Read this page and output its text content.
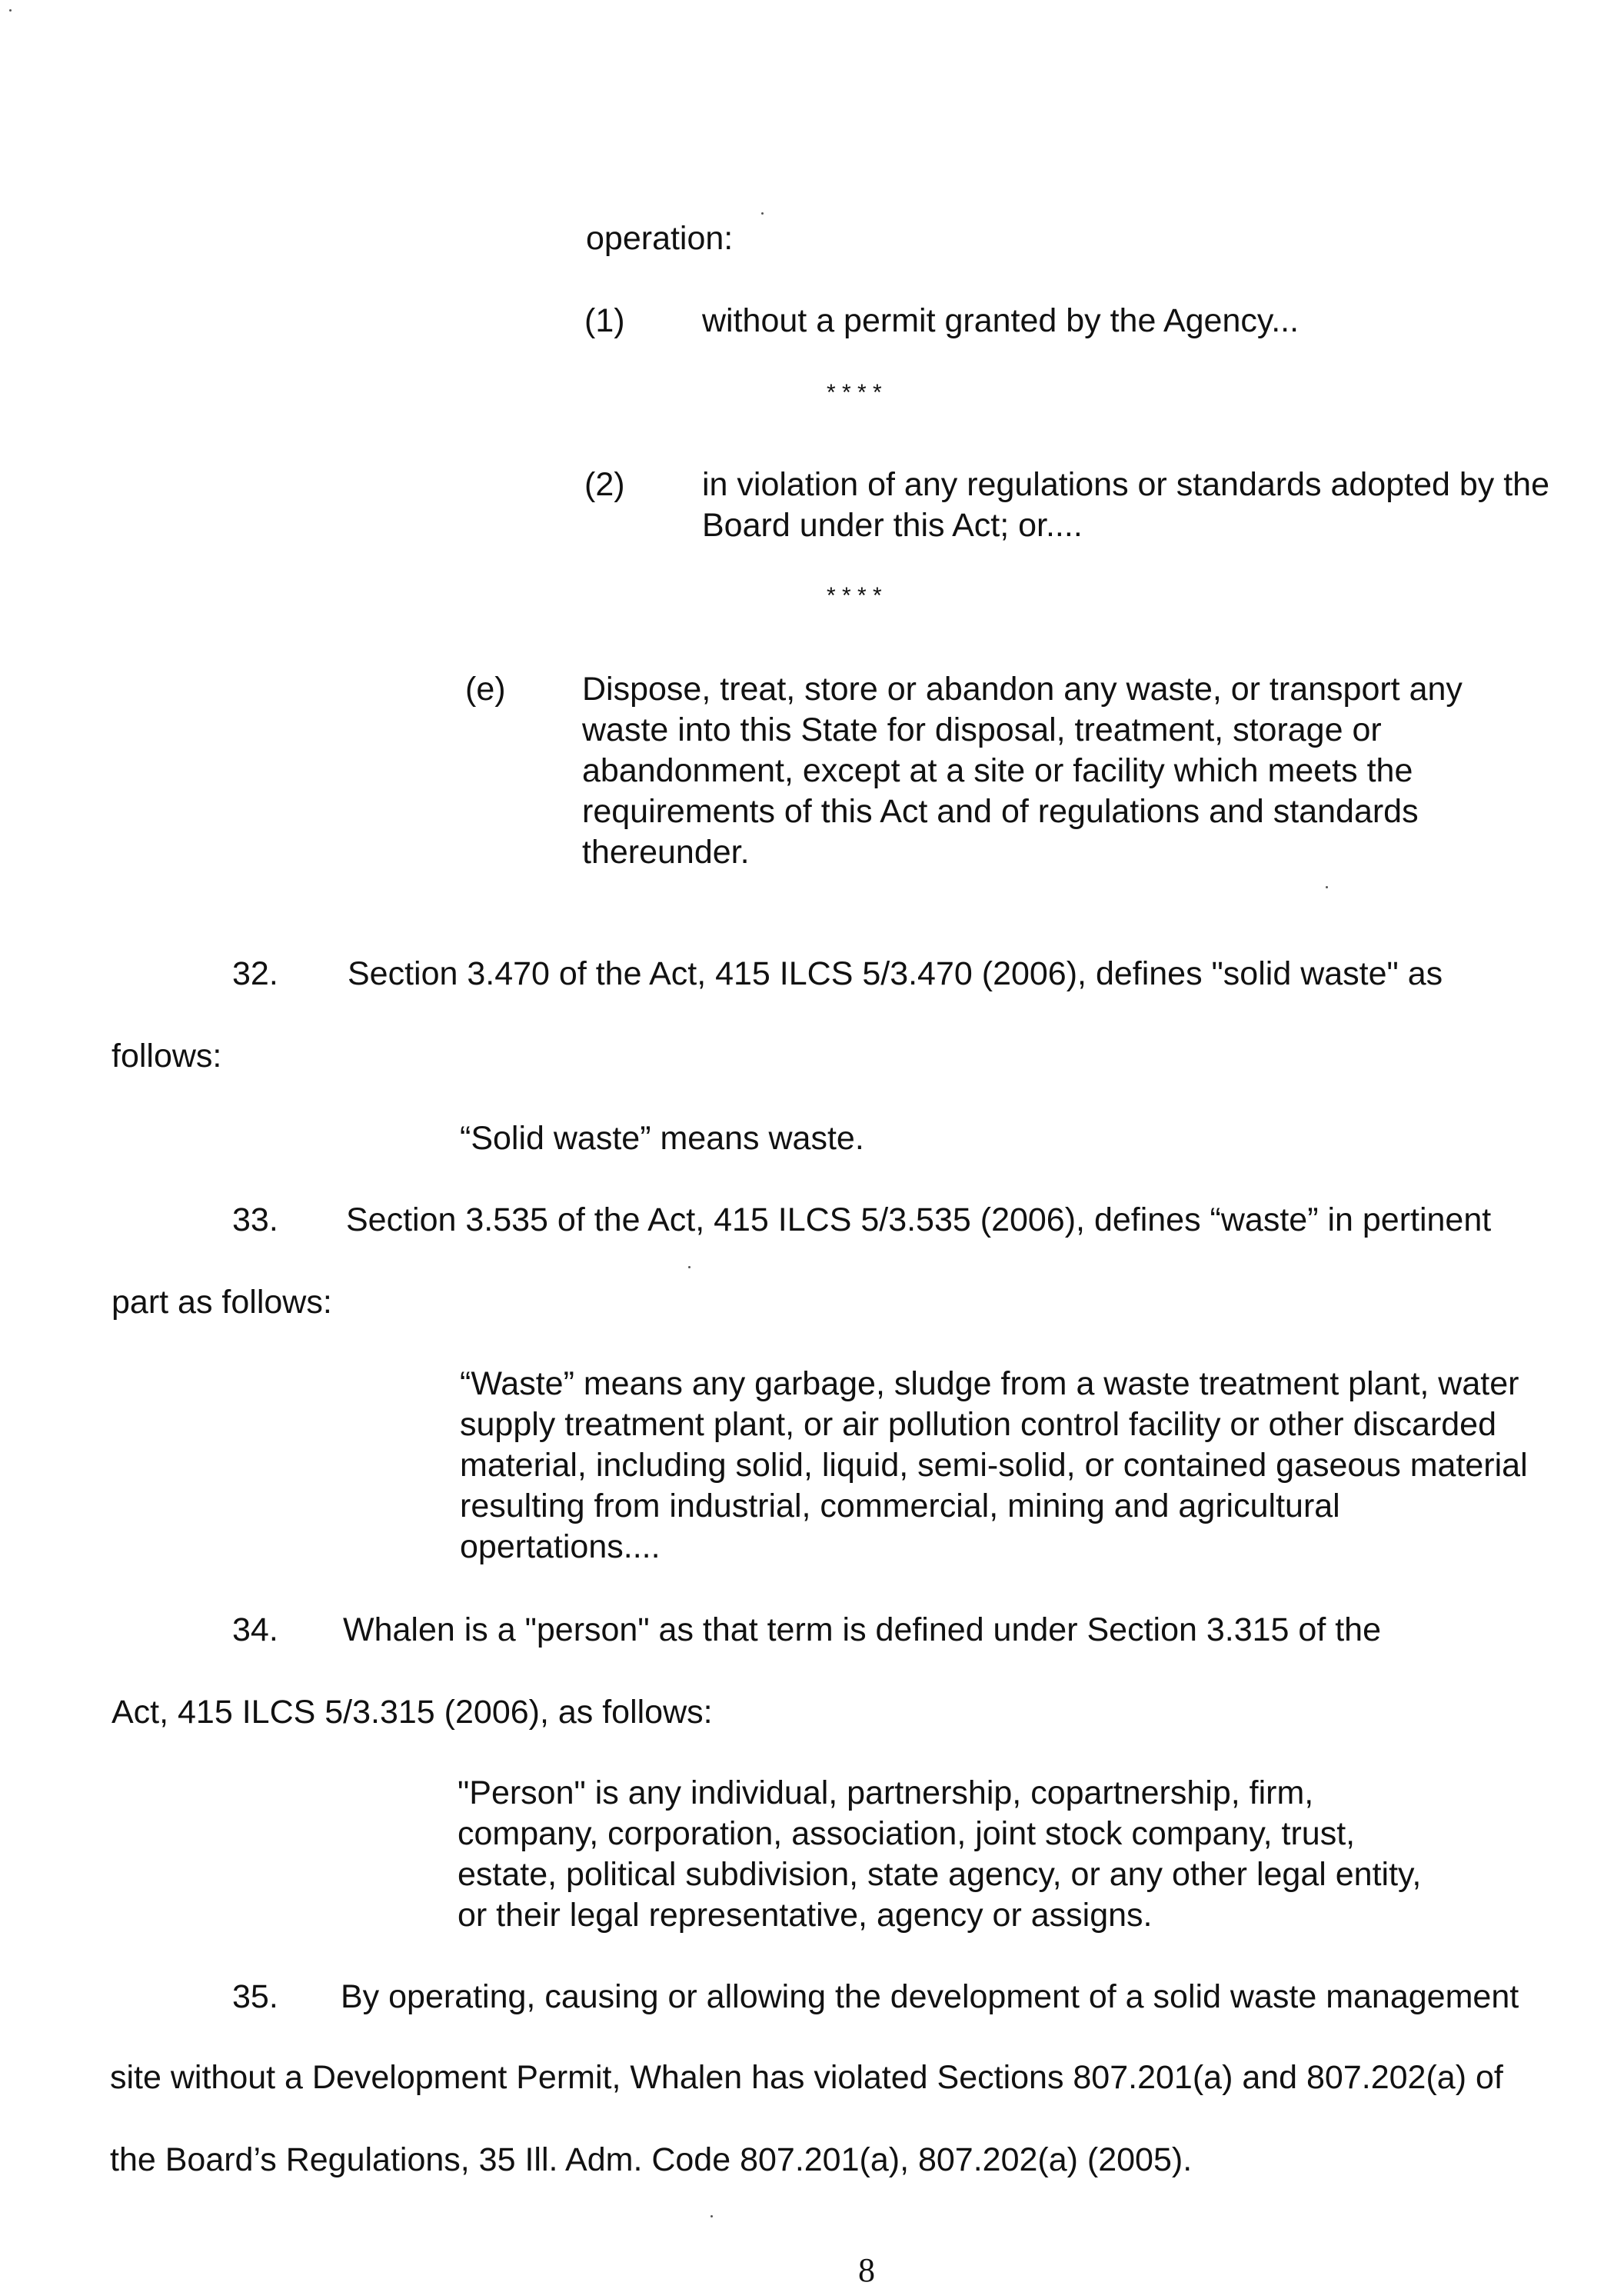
operation:
(1) without a permit granted by the Agency...
* * * *
(2) in violation of any regulations or standards adopted by the
Board under this Act; or....
* * * *
(e) Dispose, treat, store or abandon any waste, or transport any
waste into this State for disposal, treatment, storage or
abandonment, except at a site or facility which meets the
requirements of this Act and of regulations and standards
thereunder.
32. Section 3.470 of the Act, 415 ILCS 5/3.470 (2006), defines "solid waste" as
follows:
“Solid waste” means waste.
33. Section 3.535 of the Act, 415 ILCS 5/3.535 (2006), defines “waste” in pertinent
part as follows:
“Waste” means any garbage, sludge from a waste treatment plant, water
supply treatment plant, or air pollution control facility or other discarded
material, including solid, liquid, semi-solid, or contained gaseous material
resulting from industrial, commercial, mining and agricultural
opertations....
34. Whalen is a "person" as that term is defined under Section 3.315 of the
Act, 415 ILCS 5/3.315 (2006), as follows:
"Person" is any individual, partnership, copartnership, firm,
company, corporation, association, joint stock company, trust,
estate, political subdivision, state agency, or any other legal entity,
or their legal representative, agency or assigns.
35. By operating, causing or allowing the development of a solid waste management
site without a Development Permit, Whalen has violated Sections 807.201(a) and 807.202(a) of
the Board’s Regulations, 35 Ill. Adm. Code 807.201(a), 807.202(a) (2005).
8
